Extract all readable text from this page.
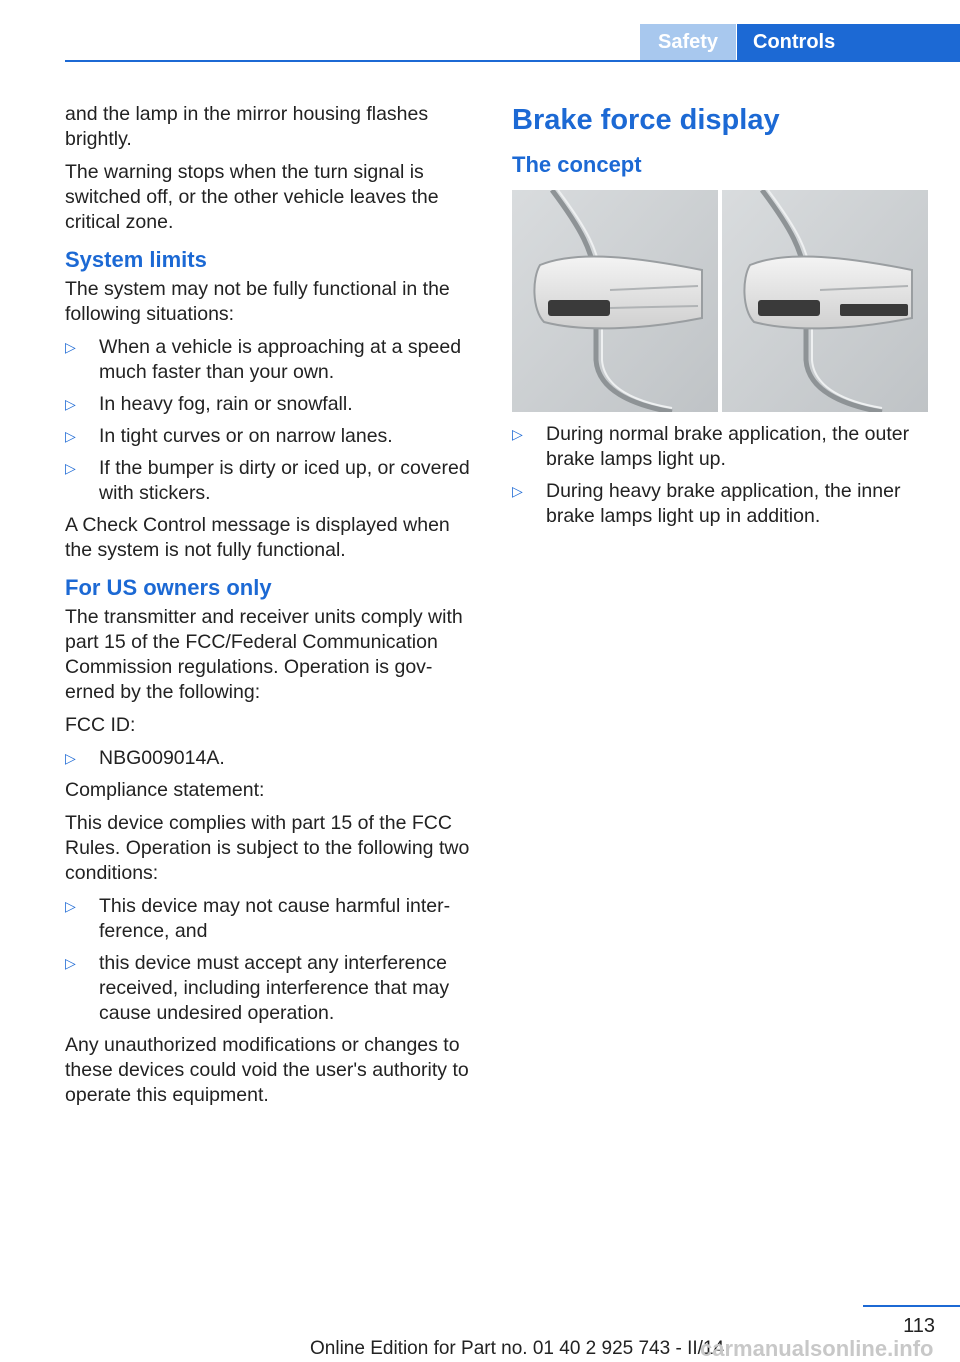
Safety	Controls

and the lamp in the mirror housing flashes brightly.

The warning stops when the turn signal is switched off, or the other vehicle leaves the critical zone.

System limits

The system may not be fully functional in the following situations:

▷ When a vehicle is approaching at a speed much faster than your own.
▷ In heavy fog, rain or snowfall.
▷ In tight curves or on narrow lanes.
▷ If the bumper is dirty or iced up, or covered with stickers.

A Check Control message is displayed when the system is not fully functional.

For US owners only

The transmitter and receiver units comply with part 15 of the FCC/Federal Communication Commission regulations. Operation is gov‐erned by the following:

FCC ID:

▷ NBG009014A.

Compliance statement:

This device complies with part 15 of the FCC Rules. Operation is subject to the following two conditions:

▷ This device may not cause harmful inter‐ference, and
▷ this device must accept any interference received, including interference that may cause undesired operation.

Any unauthorized modifications or changes to these devices could void the user's authority to operate this equipment.

Brake force display
The concept
▷ During normal brake application, the outer brake lamps light up.
▷ During heavy brake application, the inner brake lamps light up in addition.
113
Online Edition for Part no. 01 40 2 925 743 - II/14
carmanualsonline.info
